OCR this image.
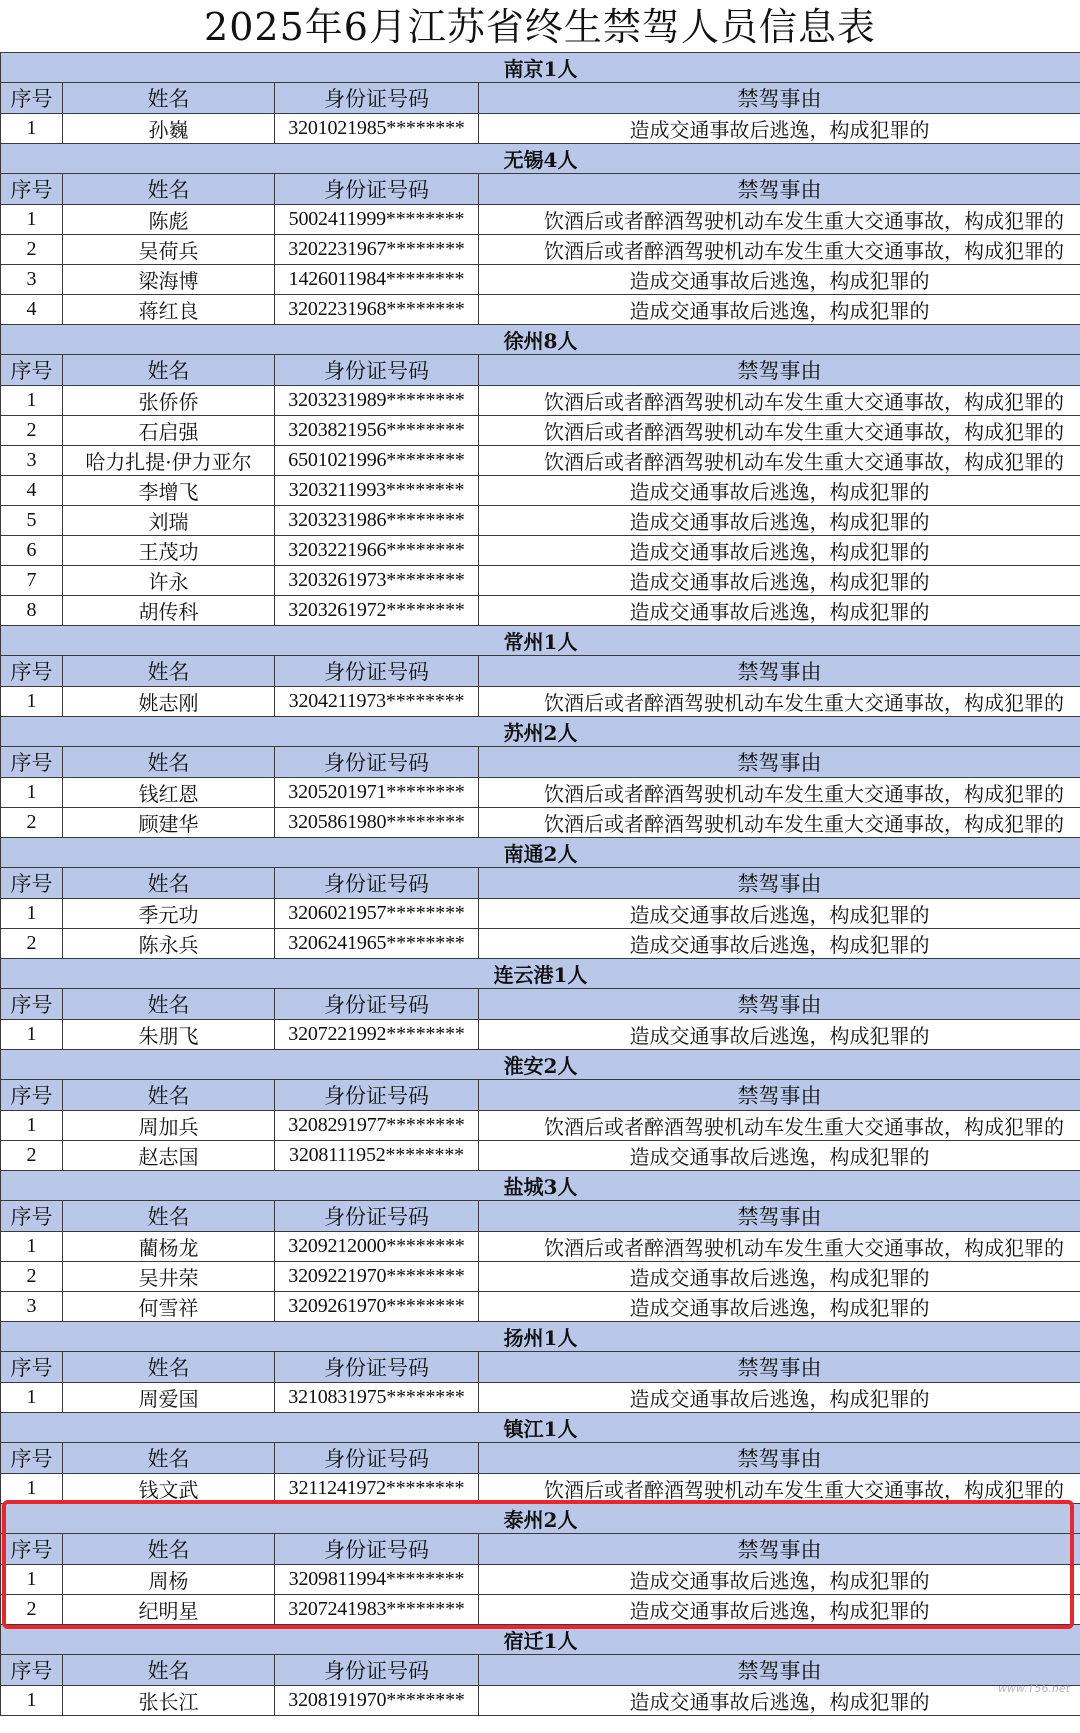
2025年6月江苏省终生禁驾人员信息表
南京1人			
序号	姓名	身份证号码	禁驾事由
1	孙巍	3201021985********	造成交通事故后逃逸，构成犯罪的
无锡4人			
序号	姓名	身份证号码	禁驾事由
1	陈彪	5002411999********	饮酒后或者醉酒驾驶机动车发生重大交通事故，构成犯罪的
2	吴荷兵	3202231967********	饮酒后或者醉酒驾驶机动车发生重大交通事故，构成犯罪的
3	梁海博	1426011984********	造成交通事故后逃逸，构成犯罪的
4	蒋红良	3202231968********	造成交通事故后逃逸，构成犯罪的
徐州8人			
序号	姓名	身份证号码	禁驾事由
1	张侨侨	3203231989********	饮酒后或者醉酒驾驶机动车发生重大交通事故，构成犯罪的
2	石启强	3203821956********	饮酒后或者醉酒驾驶机动车发生重大交通事故，构成犯罪的
3	哈力扎提·伊力亚尔	6501021996********	饮酒后或者醉酒驾驶机动车发生重大交通事故，构成犯罪的
4	李增飞	3203211993********	造成交通事故后逃逸，构成犯罪的
5	刘瑞	3203231986********	造成交通事故后逃逸，构成犯罪的
6	王茂功	3203221966********	造成交通事故后逃逸，构成犯罪的
7	许永	3203261973********	造成交通事故后逃逸，构成犯罪的
8	胡传科	3203261972********	造成交通事故后逃逸，构成犯罪的
常州1人			
序号	姓名	身份证号码	禁驾事由
1	姚志刚	3204211973********	饮酒后或者醉酒驾驶机动车发生重大交通事故，构成犯罪的
苏州2人			
序号	姓名	身份证号码	禁驾事由
1	钱红恩	3205201971********	饮酒后或者醉酒驾驶机动车发生重大交通事故，构成犯罪的
2	顾建华	3205861980********	饮酒后或者醉酒驾驶机动车发生重大交通事故，构成犯罪的
南通2人			
序号	姓名	身份证号码	禁驾事由
1	季元功	3206021957********	造成交通事故后逃逸，构成犯罪的
2	陈永兵	3206241965********	造成交通事故后逃逸，构成犯罪的
连云港1人			
序号	姓名	身份证号码	禁驾事由
1	朱朋飞	3207221992********	造成交通事故后逃逸，构成犯罪的
淮安2人			
序号	姓名	身份证号码	禁驾事由
1	周加兵	3208291977********	饮酒后或者醉酒驾驶机动车发生重大交通事故，构成犯罪的
2	赵志国	3208111952********	造成交通事故后逃逸，构成犯罪的
盐城3人			
序号	姓名	身份证号码	禁驾事由
1	藺杨龙	3209212000********	饮酒后或者醉酒驾驶机动车发生重大交通事故，构成犯罪的
2	吴井荣	3209221970********	造成交通事故后逃逸，构成犯罪的
3	何雪祥	3209261970********	造成交通事故后逃逸，构成犯罪的
扬州1人			
序号	姓名	身份证号码	禁驾事由
1	周爱国	3210831975********	造成交通事故后逃逸，构成犯罪的
镇江1人			
序号	姓名	身份证号码	禁驾事由
1	钱文武	3211241972********	饮酒后或者醉酒驾驶机动车发生重大交通事故，构成犯罪的
泰州2人			
序号	姓名	身份证号码	禁驾事由
1	周杨	3209811994********	造成交通事故后逃逸，构成犯罪的
2	纪明星	3207241983********	造成交通事故后逃逸，构成犯罪的
宿迁1人			
序号	姓名	身份证号码	禁驾事由
1	张长江	3208191970********	造成交通事故后逃逸，构成犯罪的
www.T56.net
